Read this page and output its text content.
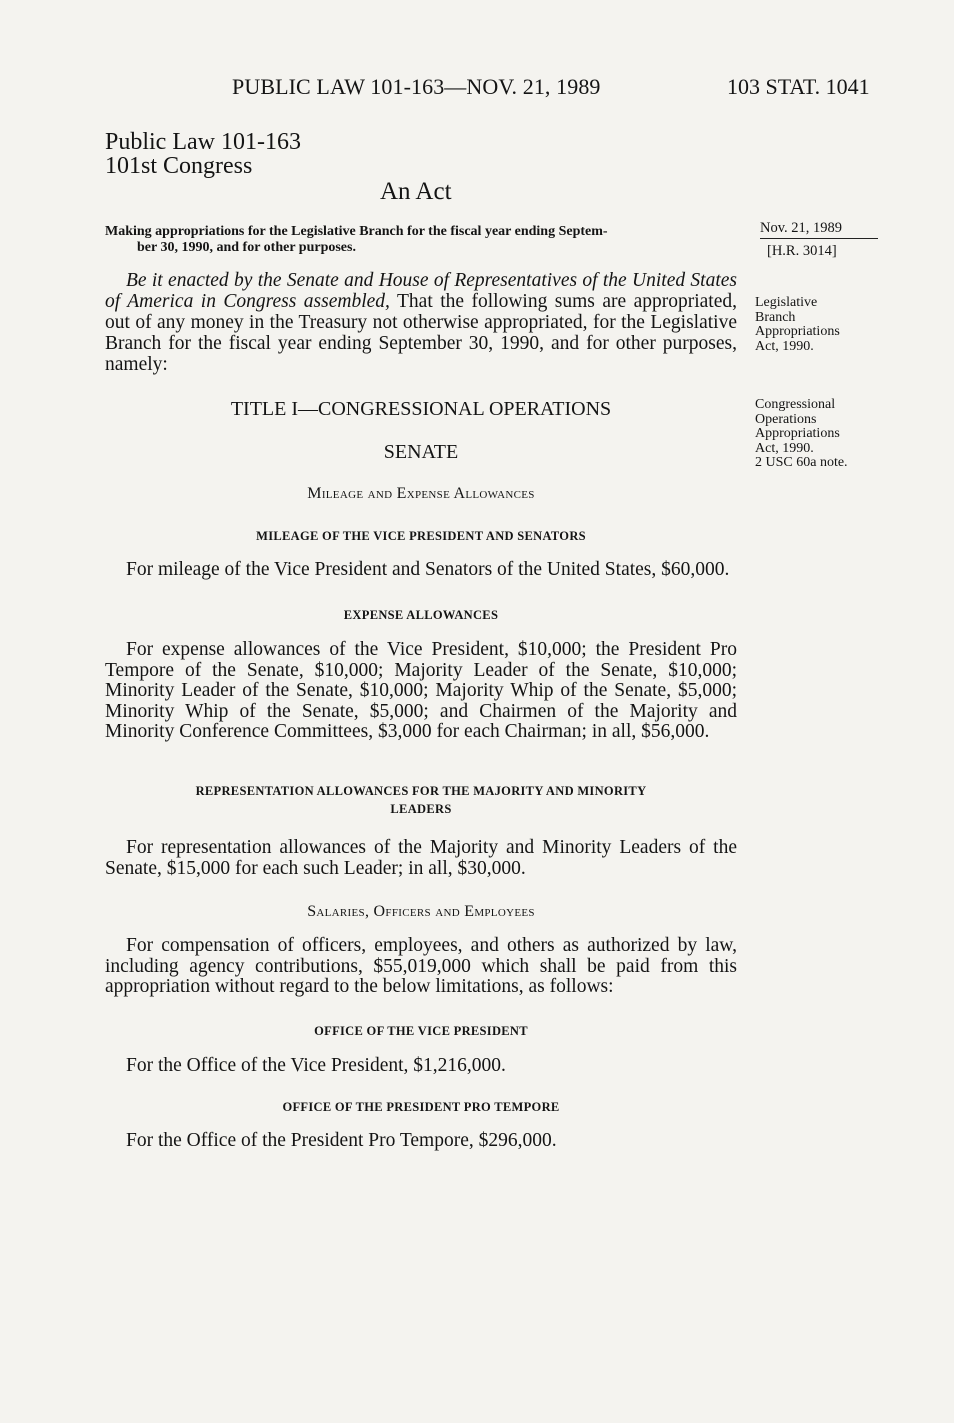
PUBLIC LAW 101-163—NOV. 21, 1989	103 STAT. 1041
Public Law 101-163
101st Congress
An Act
Making appropriations for the Legislative Branch for the fiscal year ending Septem-
ber 30, 1990, and for other purposes.
Nov. 21, 1989
[H.R. 3014]
Be it enacted by the Senate and House of Representatives of the United States of America in Congress assembled, That the following sums are appropriated, out of any money in the Treasury not otherwise appropriated, for the Legislative Branch for the fiscal year ending September 30, 1990, and for other purposes, namely:
Legislative
Branch
Appropriations
Act, 1990.
Congressional
Operations
Appropriations
Act, 1990.
2 USC 60a note.
TITLE I—CONGRESSIONAL OPERATIONS
SENATE
Mileage and Expense Allowances
MILEAGE OF THE VICE PRESIDENT AND SENATORS
For mileage of the Vice President and Senators of the United States, $60,000.
EXPENSE ALLOWANCES
For expense allowances of the Vice President, $10,000; the President Pro Tempore of the Senate, $10,000; Majority Leader of the Senate, $10,000; Minority Leader of the Senate, $10,000; Majority Whip of the Senate, $5,000; Minority Whip of the Senate, $5,000; and Chairmen of the Majority and Minority Conference Committees, $3,000 for each Chairman; in all, $56,000.
REPRESENTATION ALLOWANCES FOR THE MAJORITY AND MINORITY
LEADERS
For representation allowances of the Majority and Minority Leaders of the Senate, $15,000 for each such Leader; in all, $30,000.
Salaries, Officers and Employees
For compensation of officers, employees, and others as authorized by law, including agency contributions, $55,019,000 which shall be paid from this appropriation without regard to the below limitations, as follows:
OFFICE OF THE VICE PRESIDENT
For the Office of the Vice President, $1,216,000.
OFFICE OF THE PRESIDENT PRO TEMPORE
For the Office of the President Pro Tempore, $296,000.
